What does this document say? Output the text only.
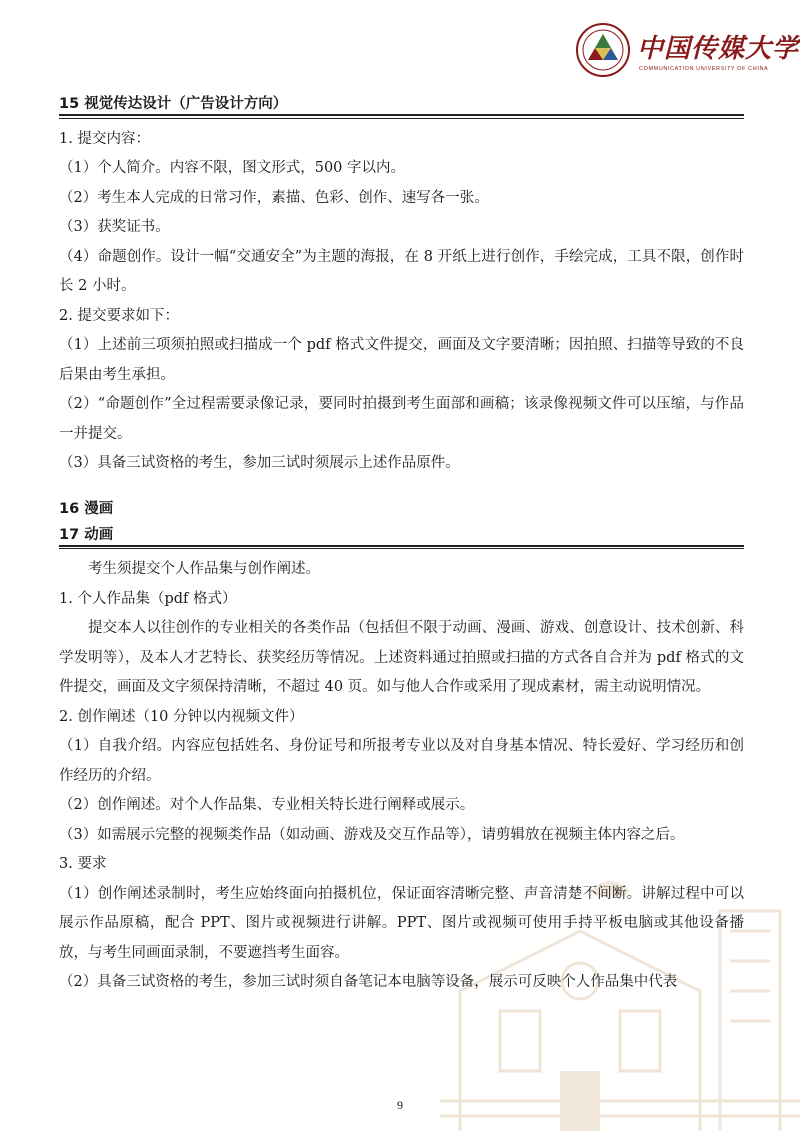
中国传媒大学
COMMUNICATION UNIVERSITY OF CHINA
15 视觉传达设计（广告设计方向）

1. 提交内容：

（1）个人简介。内容不限，图文形式，500 字以内。

（2）考生本人完成的日常习作，素描、色彩、创作、速写各一张。

（3）获奖证书。

（4）命题创作。设计一幅“交通安全”为主题的海报，在 8 开纸上进行创作，手绘完成，工具不限，创作时长 2 小时。

2. 提交要求如下：

（1）上述前三项须拍照或扫描成一个 pdf 格式文件提交，画面及文字要清晰；因拍照、扫描等导致的不良后果由考生承担。

（2）“命题创作”全过程需要录像记录，要同时拍摄到考生面部和画稿；该录像视频文件可以压缩，与作品一并提交。

（3）具备三试资格的考生，参加三试时须展示上述作品原件。

16 漫画
17 动画

考生须提交个人作品集与创作阐述。

1. 个人作品集（pdf 格式）

提交本人以往创作的专业相关的各类作品（包括但不限于动画、漫画、游戏、创意设计、技术创新、科学发明等），及本人才艺特长、获奖经历等情况。上述资料通过拍照或扫描的方式各自合并为 pdf 格式的文件提交，画面及文字须保持清晰，不超过 40 页。如与他人合作或采用了现成素材，需主动说明情况。

2. 创作阐述（10 分钟以内视频文件）

（1）自我介绍。内容应包括姓名、身份证号和所报考专业以及对自身基本情况、特长爱好、学习经历和创作经历的介绍。

（2）创作阐述。对个人作品集、专业相关特长进行阐释或展示。

（3）如需展示完整的视频类作品（如动画、游戏及交互作品等），请剪辑放在视频主体内容之后。

3. 要求

（1）创作阐述录制时，考生应始终面向拍摄机位，保证面容清晰完整、声音清楚不间断。讲解过程中可以展示作品原稿，配合 PPT、图片或视频进行讲解。PPT、图片或视频可使用手持平板电脑或其他设备播放，与考生同画面录制，不要遮挡考生面容。

（2）具备三试资格的考生，参加三试时须自备笔记本电脑等设备，展示可反映个人作品集中代表

9
